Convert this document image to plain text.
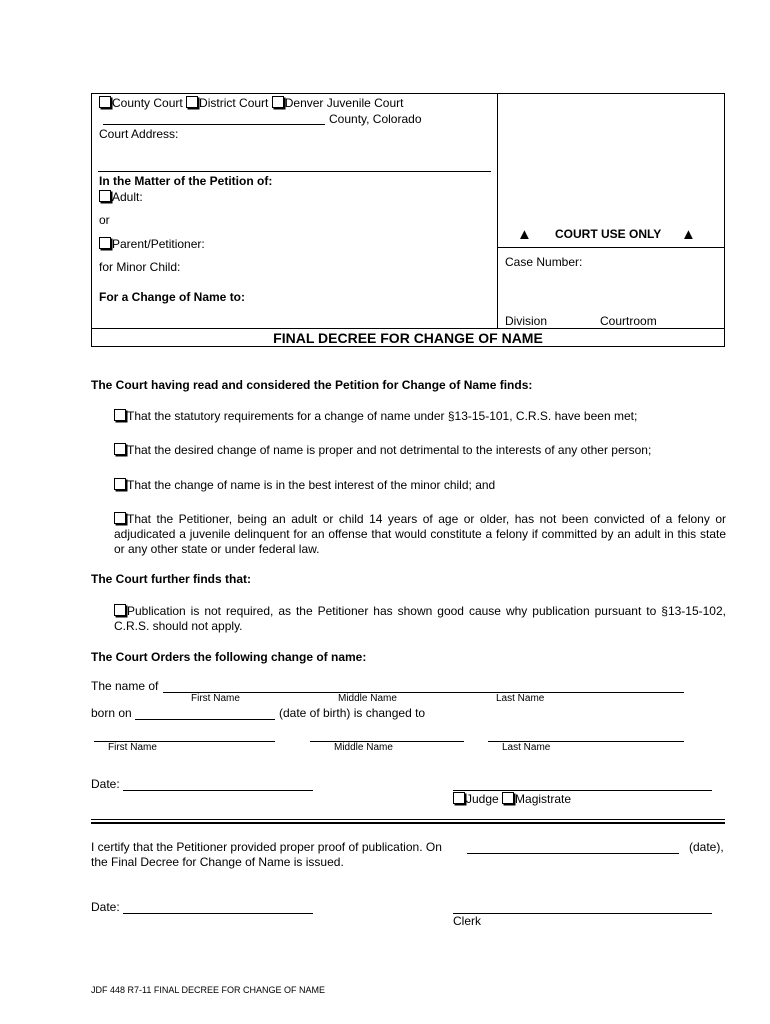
County Court District Court Denver Juvenile Court
County, Colorado
Court Address:
In the Matter of the Petition of:
Adult:
or
Parent/Petitioner:
for Minor Child:
For a Change of Name to:
▲ COURT USE ONLY ▲
Case Number:
Division	Courtroom
FINAL DECREE FOR CHANGE OF NAME
The Court having read and considered the Petition for Change of Name finds:
That the statutory requirements for a change of name under §13-15-101, C.R.S. have been met;
That the desired change of name is proper and not detrimental to the interests of any other person;
That the change of name is in the best interest of the minor child; and
That the Petitioner, being an adult or child 14 years of age or older, has not been convicted of a felony or adjudicated a juvenile delinquent for an offense that would constitute a felony if committed by an adult in this state or any other state or under federal law.
The Court further finds that:
Publication is not required, as the Petitioner has shown good cause why publication pursuant to §13-15-102, C.R.S. should not apply.
The Court Orders the following change of name:
The name of
First Name	Middle Name	Last Name
born on	(date of birth) is changed to
First Name	Middle Name	Last Name
Date:
Judge Magistrate
I certify that the Petitioner provided proper proof of publication. On	(date),
the Final Decree for Change of Name is issued.
Date:
Clerk
JDF 448 R7-11 FINAL DECREE FOR CHANGE OF NAME
